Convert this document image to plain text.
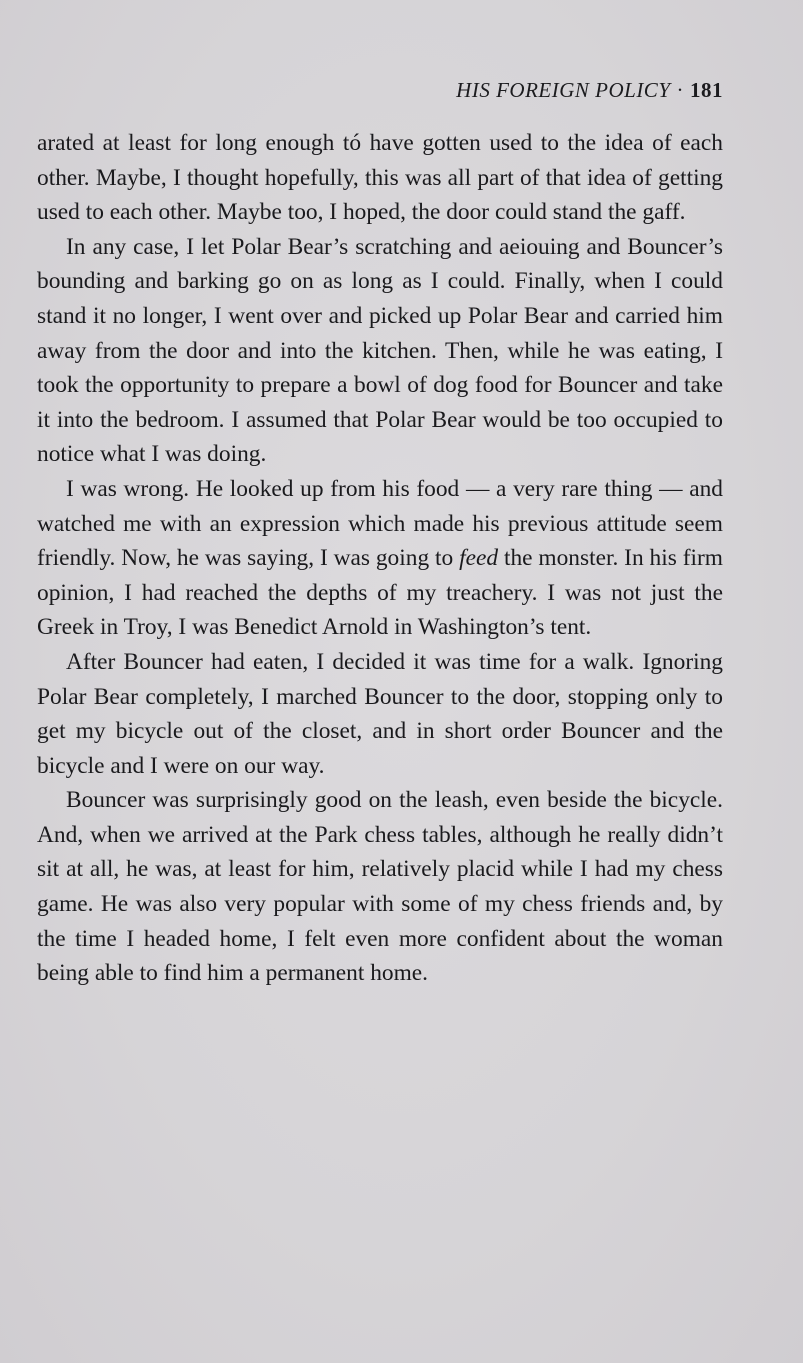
HIS FOREIGN POLICY · 181

arated at least for long enough tó have gotten used to the idea of each other. Maybe, I thought hopefully, this was all part of that idea of getting used to each other. Maybe too, I hoped, the door could stand the gaff.

In any case, I let Polar Bear’s scratching and aeiouing and Bouncer’s bounding and barking go on as long as I could. Finally, when I could stand it no longer, I went over and picked up Polar Bear and carried him away from the door and into the kitchen. Then, while he was eating, I took the opportunity to prepare a bowl of dog food for Bouncer and take it into the bedroom. I assumed that Polar Bear would be too occupied to notice what I was doing.

I was wrong. He looked up from his food — a very rare thing — and watched me with an expression which made his previous attitude seem friendly. Now, he was saying, I was going to feed the monster. In his firm opinion, I had reached the depths of my treachery. I was not just the Greek in Troy, I was Benedict Arnold in Washington’s tent.

After Bouncer had eaten, I decided it was time for a walk. Ignoring Polar Bear completely, I marched Bouncer to the door, stopping only to get my bicycle out of the closet, and in short order Bouncer and the bicycle and I were on our way.

Bouncer was surprisingly good on the leash, even beside the bicycle. And, when we arrived at the Park chess tables, although he really didn’t sit at all, he was, at least for him, relatively placid while I had my chess game. He was also very popular with some of my chess friends and, by the time I headed home, I felt even more confident about the woman being able to find him a permanent home.
